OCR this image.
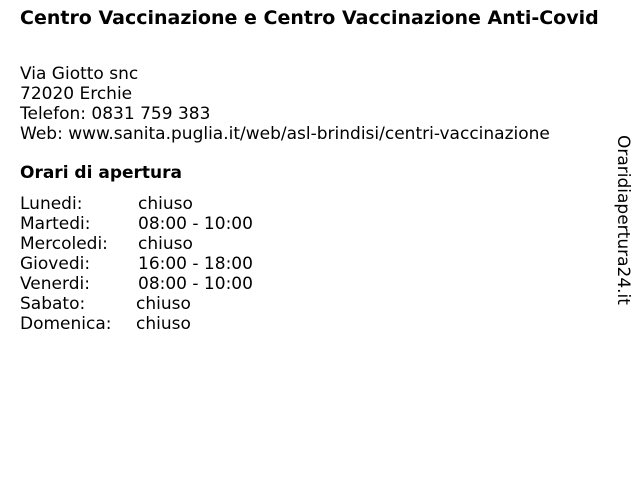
Centro Vaccinazione e Centro Vaccinazione Anti-Covid
Via Giotto snc
72020 Erchie
Telefon: 0831 759 383
Web: www.sanita.puglia.it/web/asl-brindisi/centri-vaccinazione
Orari di apertura
Lunedi:	chiuso
Martedi:	08:00 - 10:00
Mercoledi: chiuso
Giovedi:	16:00 - 18:00
Venerdi:	08:00 - 10:00
Sabato:	chiuso
Domenica: chiuso
Oraridiapertura24.it
